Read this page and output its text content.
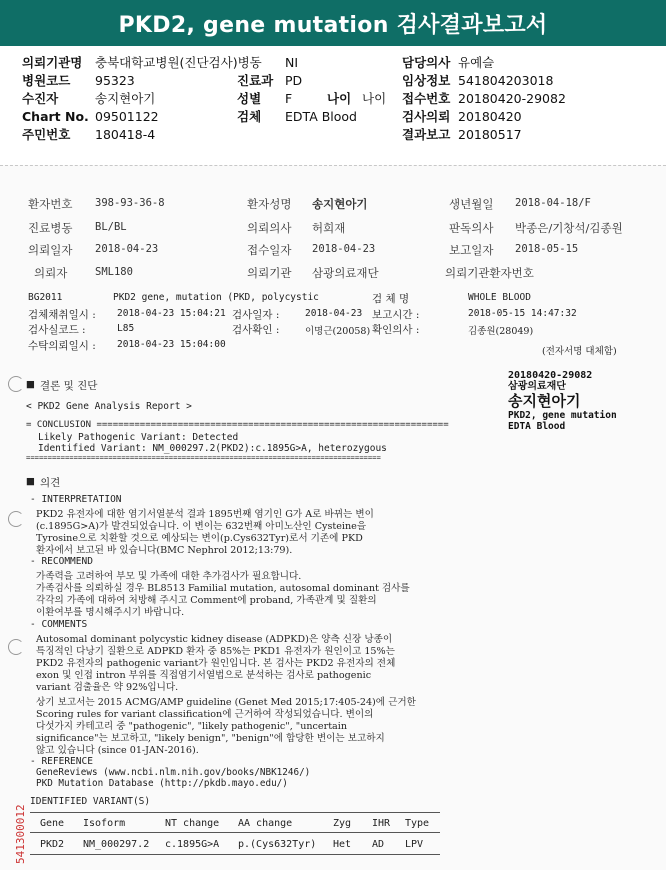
PKD2, gene mutation 검사결과보고서
의뢰기관명 충북대학교병원(진단검사)병동 NI	담당의사 유예슬
병원코드 95323	진료과 PD	임상정보 541804203018
수진자	송지현아기	성별 F	나이 나이 접수번호 20180420-29082
Chart No. 09501122	검체 EDTA Blood	검사의뢰 20180420
주민번호 180418-4	결과보고 20180517
환자번호 398-93-36-8	환자성명 송지현아기	생년월일 2018-04-18/F
진료병동 BL/BL	의뢰의사 허희재	판독의사 박종은/기창석/김종원
의뢰일자 2018-04-23	접수일자 2018-04-23	보고일자 2018-05-15
의뢰자	SML180	의뢰기관 삼광의료재단	의뢰기관환자번호
BG2011	PKD2 gene, mutation (PKD, polycystic	검 체 명	WHOLE BLOOD
검체채취일시 : 2018-04-23 15:04:21 검사일자 :	2018-04-23 보고시간 :	2018-05-15 14:47:32
검사실코드 :	L85	검사확인 :	이명근(20058) 확인의사 :	김종원(28049)
수탁의뢰일시 : 2018-04-23 15:04:00
(전자서명 대체함)
■ 결론 및 진단
< PKD2 Gene Analysis Report >
= CONCLUSION =================================================================
Likely Pathogenic Variant: Detected
Identified Variant: NM_000297.2(PKD2):c.1895G>A, heterozygous
==================================================================================
■ 의견
- INTERPRETATION
PKD2 유전자에 대한 염기서열분석 결과 1895번째 염기인 G가 A로 바뀌는 변이
(c.1895G>A)가 발견되었습니다. 이 변이는 632번째 아미노산인 Cysteine을
Tyrosine으로 치환할 것으로 예상되는 변이(p.Cys632Tyr)로서 기존에 PKD
환자에서 보고된 바 있습니다(BMC Nephrol 2012;13:79).
- RECOMMEND
가족력을 고려하여 부모 및 가족에 대한 추가검사가 필요합니다.
가족검사를 의뢰하실 경우 BL8513 Familial mutation, autosomal dominant 검사를
각각의 가족에 대하여 처방해 주시고 Comment에 proband, 가족관계 및 질환의
이환여부를 명시해주시기 바랍니다.
- COMMENTS
Autosomal dominant polycystic kidney disease (ADPKD)은 양측 신장 낭종이
특징적인 다낭기 질환으로 ADPKD 환자 중 85%는 PKD1 유전자가 원인이고 15%는
PKD2 유전자의 pathogenic variant가 원인입니다. 본 검사는 PKD2 유전자의 전체
exon 및 인접 intron 부위를 직접염기서열법으로 분석하는 검사로 pathogenic
variant 검출율은 약 92%입니다.
상기 보고서는 2015 ACMG/AMP guideline (Genet Med 2015;17:405-24)에 근거한
Scoring rules for variant classification에 근거하여 작성되었습니다. 변이의
다섯가지 카테고리 중 "pathogenic", "likely pathogenic", "uncertain
significance"는 보고하고, "likely benign", "benign"에 합당한 변이는 보고하지
않고 있습니다 (since 01-JAN-2016).
- REFERENCE
GeneReviews (www.ncbi.nlm.nih.gov/books/NBK1246/)
PKD Mutation Database (http://pkdb.mayo.edu/)
IDENTIFIED VARIANT(S)
Gene Isoform	NT change AA change	Zyg IHR Type
PKD2 NM_000297.2 c.1895G>A p.(Cys632Tyr) Het AD LPV
20180420-29082
삼광의료재단
송지현아기
PKD2, gene mutation
EDTA Blood
541300012
